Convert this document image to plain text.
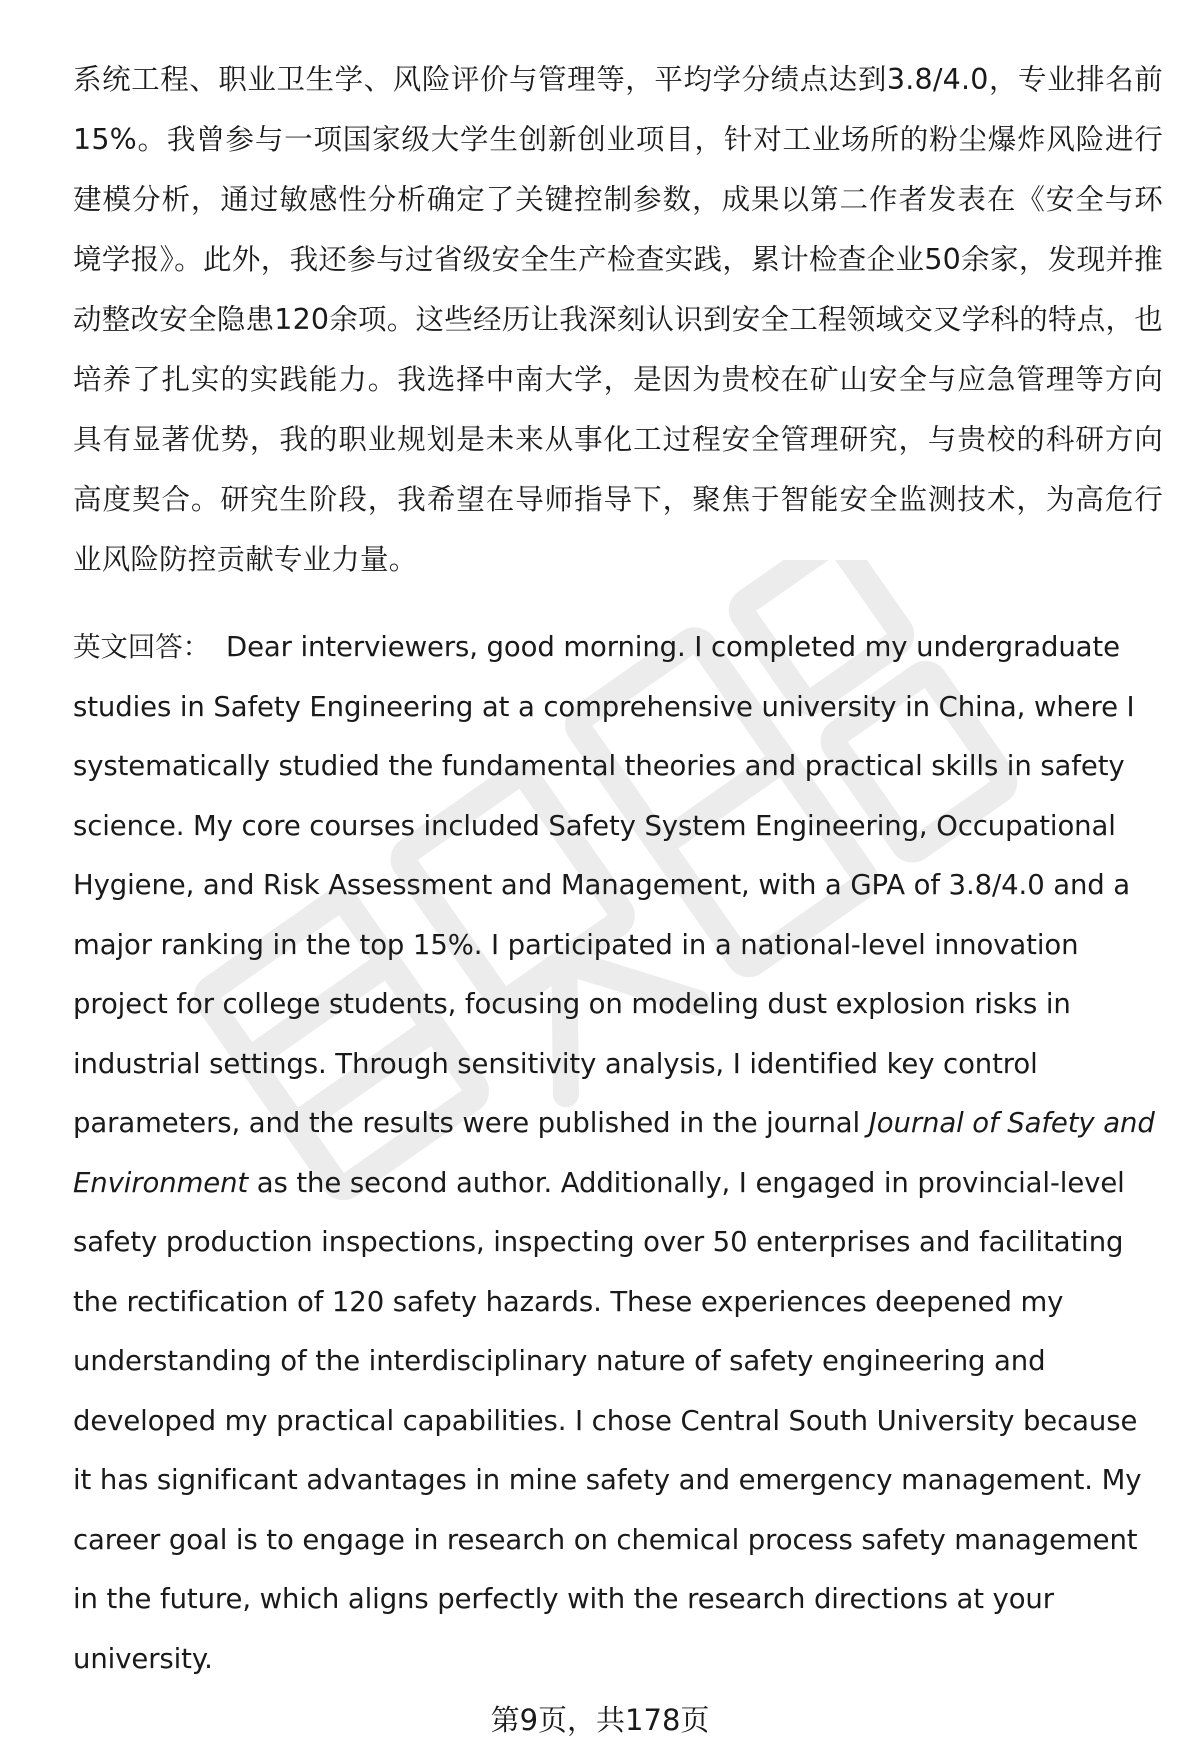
系统工程、职业卫生学、风险评价与管理等，平均学分绩点达到3.8/4.0，专业排名前15%。我曾参与一项国家级大学生创新创业项目，针对工业场所的粉尘爆炸风险进行建模分析，通过敏感性分析确定了关键控制参数，成果以第二作者发表在《安全与环境学报》。此外，我还参与过省级安全生产检查实践，累计检查企业50余家，发现并推动整改安全隐患120余项。这些经历让我深刻认识到安全工程领域交叉学科的特点，也培养了扎实的实践能力。我选择中南大学，是因为贵校在矿山安全与应急管理等方向具有显著优势，我的职业规划是未来从事化工过程安全管理研究，与贵校的科研方向高度契合。研究生阶段，我希望在导师指导下，聚焦于智能安全监测技术，为高危行业风险防控贡献专业力量。

英文回答： Dear interviewers, good morning. I completed my undergraduate studies in Safety Engineering at a comprehensive university in China, where I systematically studied the fundamental theories and practical skills in safety science. My core courses included Safety System Engineering, Occupational Hygiene, and Risk Assessment and Management, with a GPA of 3.8/4.0 and a major ranking in the top 15%. I participated in a national-level innovation project for college students, focusing on modeling dust explosion risks in industrial settings. Through sensitivity analysis, I identified key control parameters, and the results were published in the journal Journal of Safety and Environment as the second author. Additionally, I engaged in provincial-level safety production inspections, inspecting over 50 enterprises and facilitating the rectification of 120 safety hazards. These experiences deepened my understanding of the interdisciplinary nature of safety engineering and developed my practical capabilities. I chose Central South University because it has significant advantages in mine safety and emergency management. My career goal is to engage in research on chemical process safety management in the future, which aligns perfectly with the research directions at your university.

第9页，共178页
